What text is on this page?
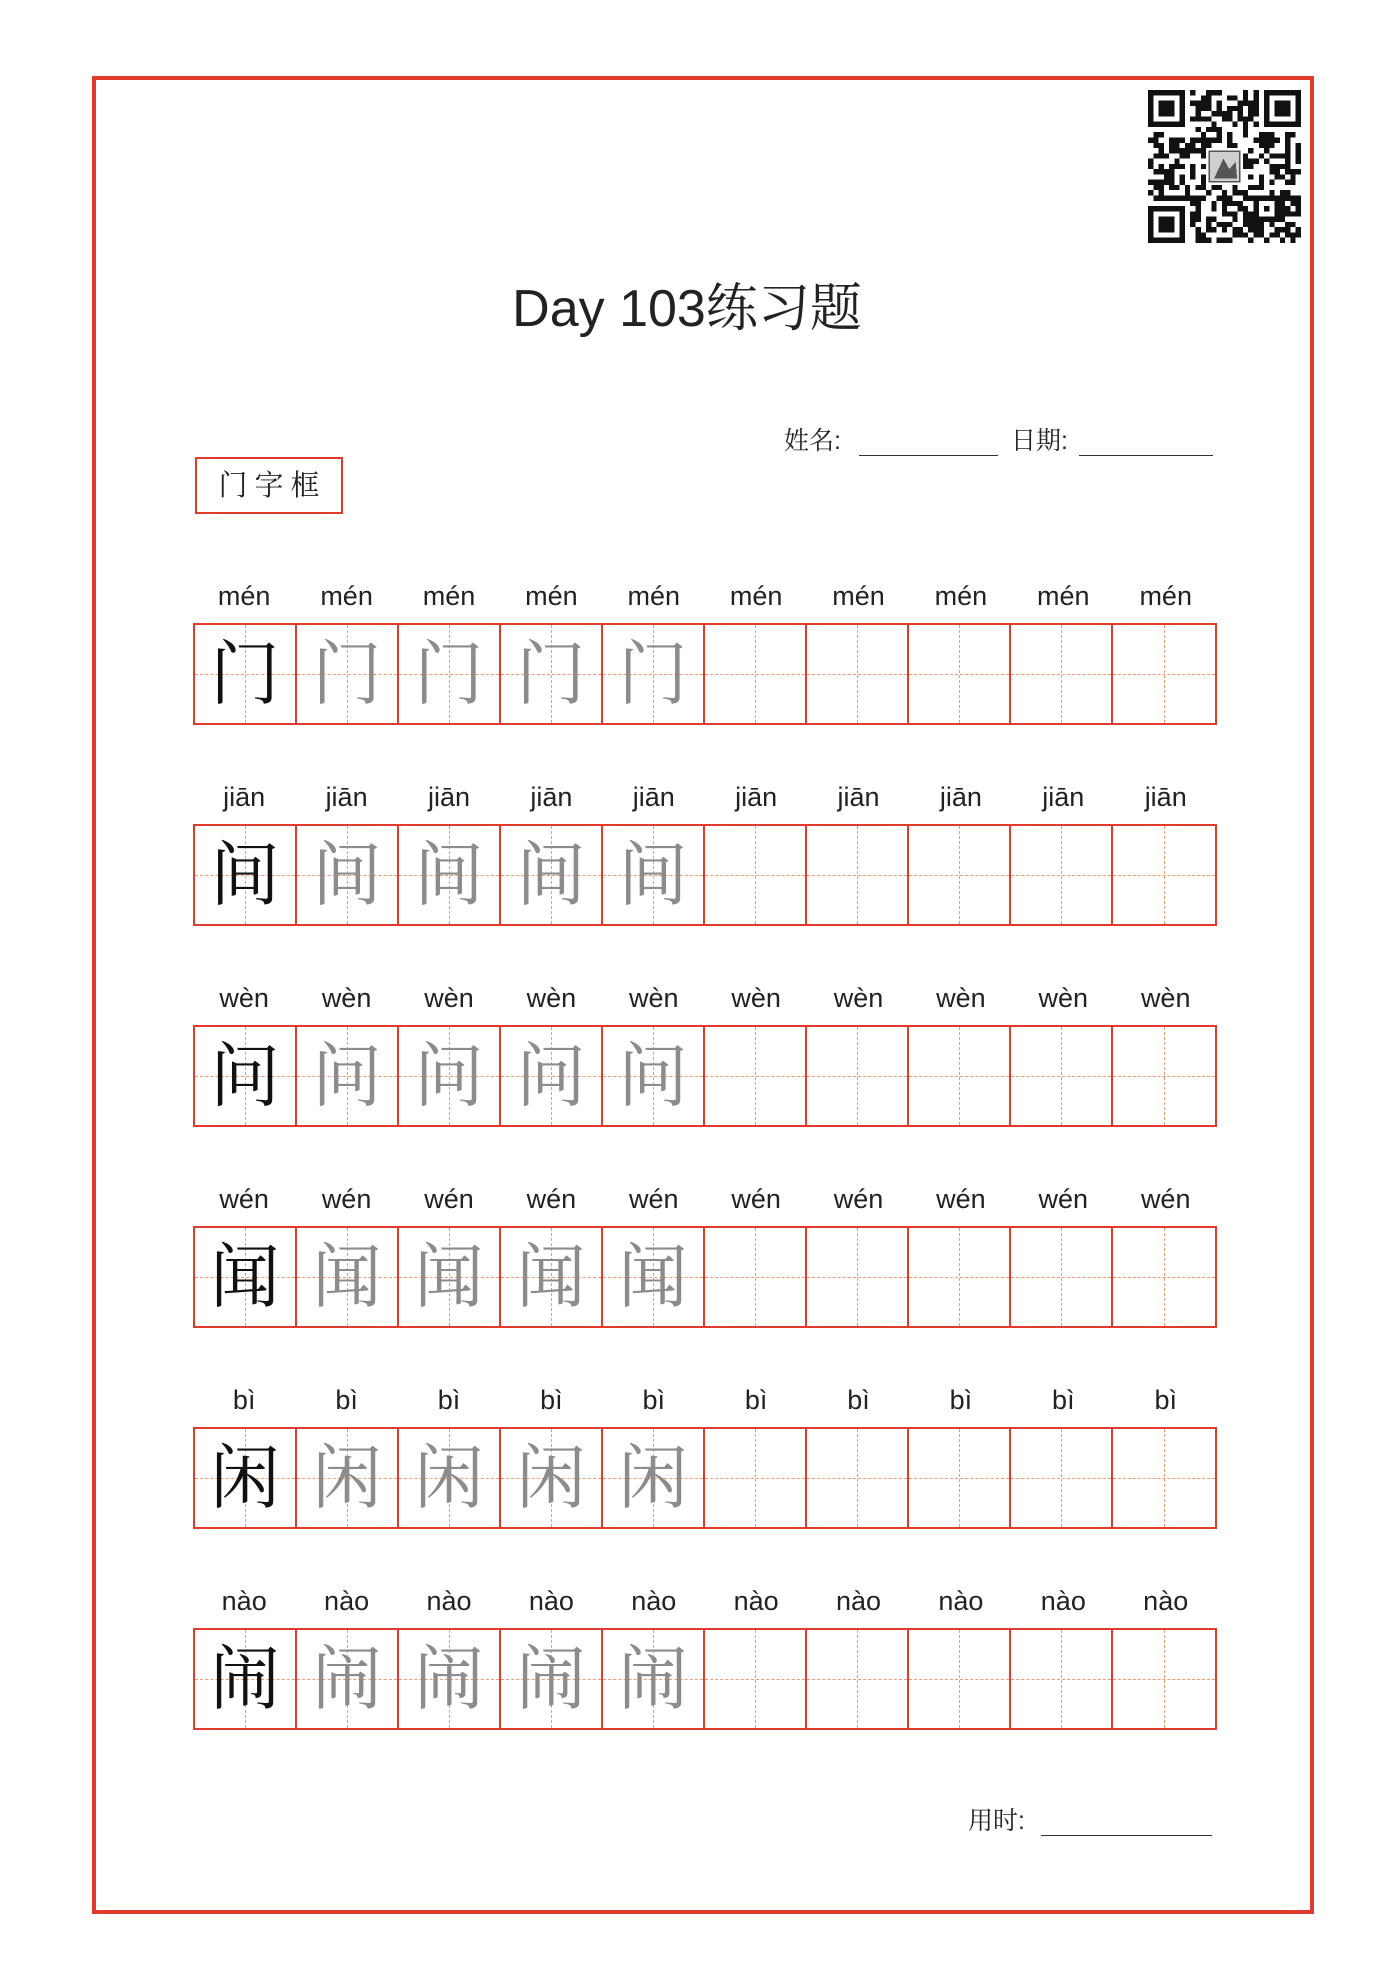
Day 103练习题
姓名:	日期:
门字框
mén	mén	mén	mén	mén	mén	mén	mén	mén	mén
门 门 门 门 门
jiān	jiān	jiān	jiān	jiān	jiān	jiān	jiān	jiān	jiān
间 间 间 间 间
wèn	wèn	wèn	wèn	wèn	wèn	wèn	wèn	wèn	wèn
问 问 问 问 问
wén	wén	wén	wén	wén	wén	wén	wén	wén	wén
闻 闻 闻 闻 闻
bì	bì	bì	bì	bì	bì	bì	bì	bì	bì
闲 闲 闲 闲 闲
nào	nào	nào	nào	nào	nào	nào	nào	nào	nào
闹 闹 闹 闹 闹
用时:
